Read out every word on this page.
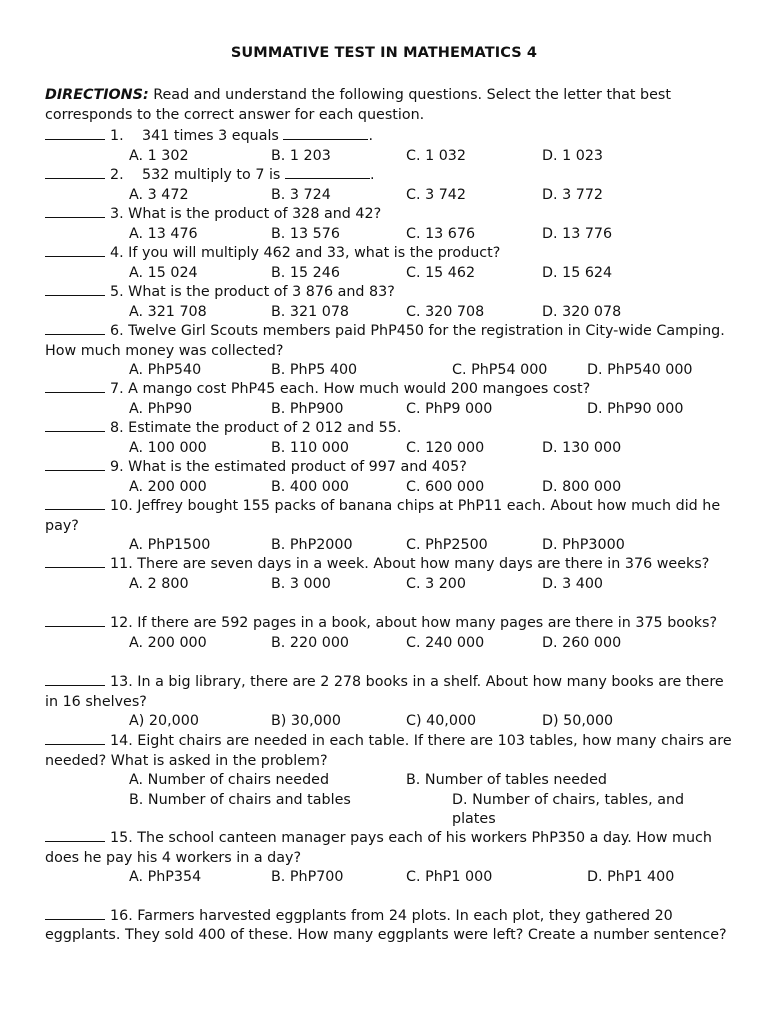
SUMMATIVE TEST IN MATHEMATICS 4
DIRECTIONS: Read and understand the following questions. Select the letter that best corresponds to the correct answer for each question.
1. 341 times 3 equals	.
A. 1 302	B. 1 203	C. 1 032	D. 1 023
2. 532 multiply to 7 is	.
A. 3 472	B. 3 724	C. 3 742	D. 3 772
3. What is the product of 328 and 42?
A. 13 476	B. 13 576	C. 13 676	D. 13 776
4. If you will multiply 462 and 33, what is the product?
A. 15 024	B. 15 246	C. 15 462	D. 15 624
5. What is the product of 3 876 and 83?
A. 321 708	B. 321 078	C. 320 708	D. 320 078
6. Twelve Girl Scouts members paid PhP450 for the registration in City-wide Camping. How much money was collected?
A. PhP540	B. PhP5 400	C. PhP54 000	D. PhP540 000
7. A mango cost PhP45 each. How much would 200 mangoes cost?
A. PhP90	B. PhP900	C. PhP9 000	D. PhP90 000
8. Estimate the product of 2 012 and 55.
A. 100 000	B. 110 000	C. 120 000	D. 130 000
9. What is the estimated product of 997 and 405?
A. 200 000	B. 400 000	C. 600 000	D. 800 000
10. Jeffrey bought 155 packs of banana chips at PhP11 each. About how much did he pay?
A. PhP1500	B. PhP2000	C. PhP2500	D. PhP3000
11. There are seven days in a week. About how many days are there in 376 weeks?
A. 2 800	B. 3 000	C. 3 200	D. 3 400
12. If there are 592 pages in a book, about how many pages are there in 375 books?
A. 200 000	B. 220 000	C. 240 000	D. 260 000
13. In a big library, there are 2 278 books in a shelf. About how many books are there in 16 shelves?
A) 20,000	B) 30,000	C) 40,000	D) 50,000
14. Eight chairs are needed in each table. If there are 103 tables, how many chairs are needed? What is asked in the problem?
A. Number of chairs needed	B. Number of tables needed
B. Number of chairs and tables	D. Number of chairs, tables, and plates
15. The school canteen manager pays each of his workers PhP350 a day. How much does he pay his 4 workers in a day?
A. PhP354	B. PhP700	C. PhP1 000	D. PhP1 400
16. Farmers harvested eggplants from 24 plots. In each plot, they gathered 20 eggplants. They sold 400 of these. How many eggplants were left? Create a number sentence?
